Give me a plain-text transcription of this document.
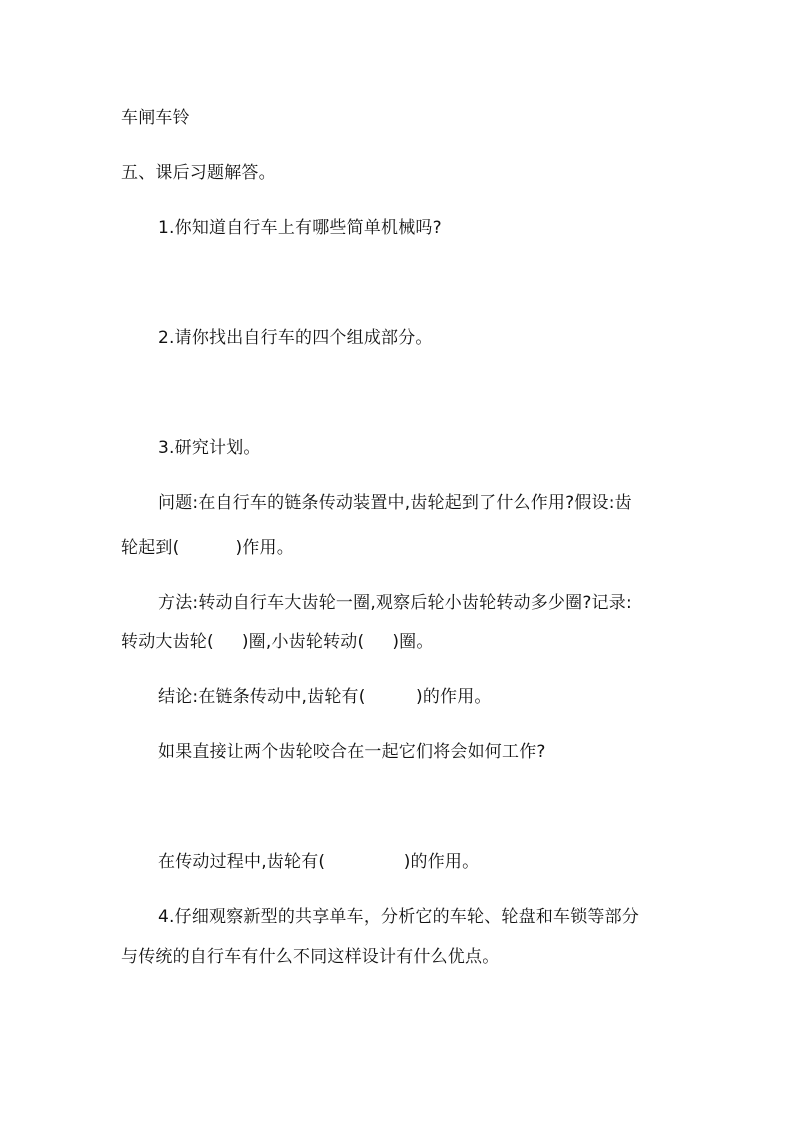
车闸车铃
五、课后习题解答。
1.你知道自行车上有哪些简单机械吗?
2.请你找出自行车的四个组成部分。
3.研究计划。
问题:在自行车的链条传动装置中,齿轮起到了什么作用?假设:齿
轮起到(          )作用。
方法:转动自行车大齿轮一圈,观察后轮小齿轮转动多少圈?记录:
转动大齿轮(     )圈,小齿轮转动(     )圈。
结论:在链条传动中,齿轮有(         )的作用。
如果直接让两个齿轮咬合在一起它们将会如何工作?
在传动过程中,齿轮有(              )的作用。
4.仔细观察新型的共享单车，分析它的车轮、轮盘和车锁等部分
与传统的自行车有什么不同这样设计有什么优点。
